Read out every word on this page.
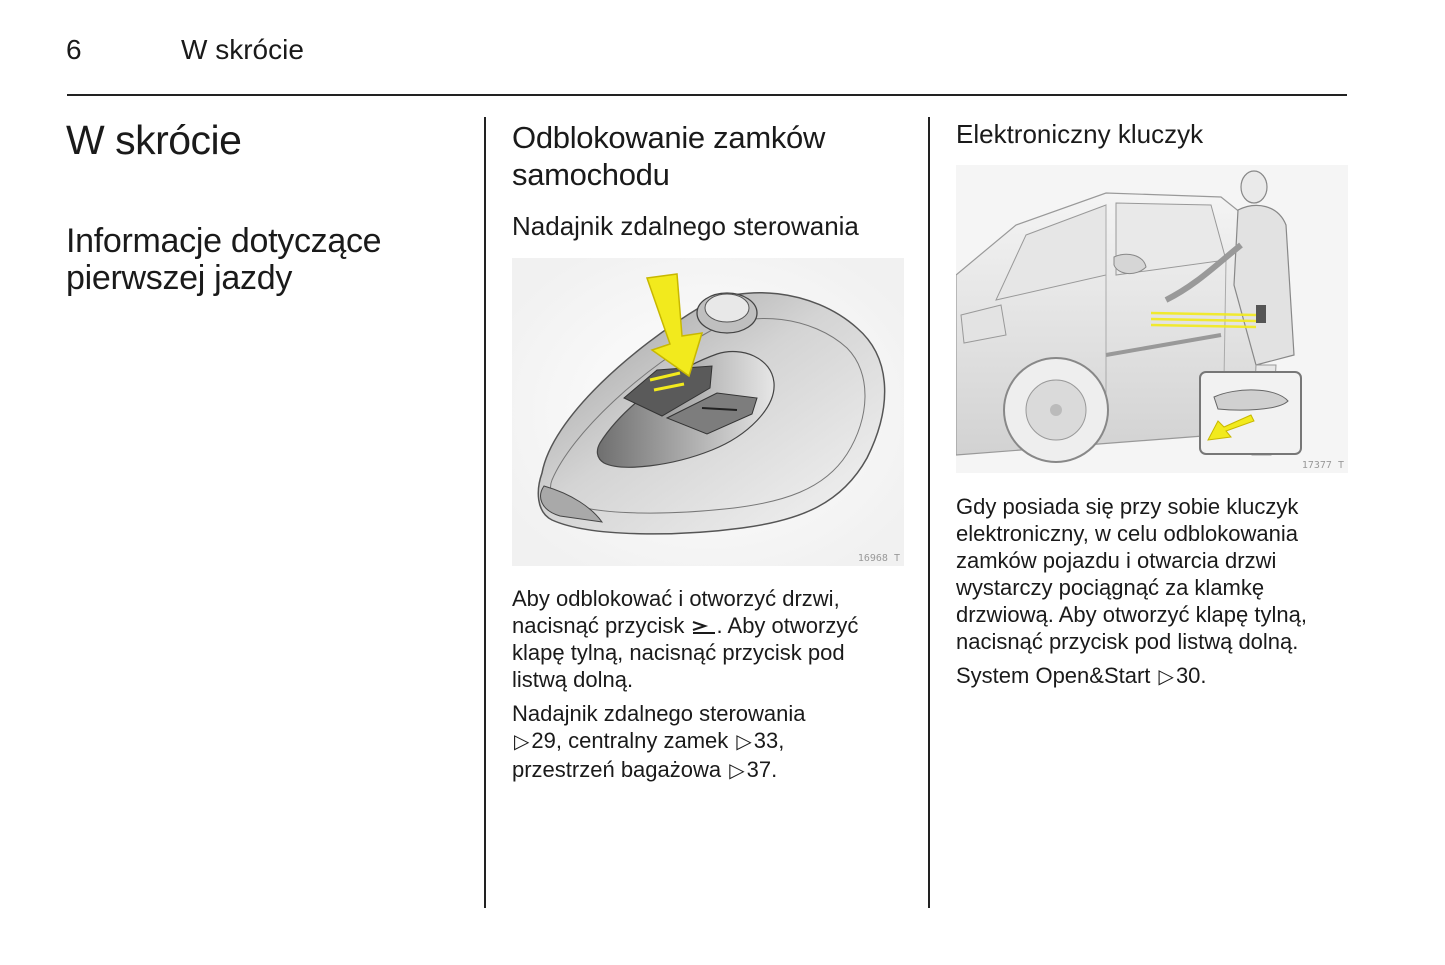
6	W skrócie
W skrócie
Informacje dotyczące
pierwszej jazdy
Odblokowanie zamków
samochodu
Nadajnik zdalnego sterowania
16968 T

Aby odblokować i otworzyć drzwi,
nacisnąć przycisk . Aby otworzyć
klapę tylną, nacisnąć przycisk pod
listwą dolną.

Nadajnik zdalnego sterowania
▷29, centralny zamek ▷33,
przestrzeń bagażowa ▷37.

Elektroniczny kluczyk
17377 T

Gdy posiada się przy sobie kluczyk
elektroniczny, w celu odblokowania
zamków pojazdu i otwarcia drzwi
wystarczy pociągnąć za klamkę
drzwiową. Aby otworzyć klapę tylną,
nacisnąć przycisk pod listwą dolną.

System Open&Start ▷30.
